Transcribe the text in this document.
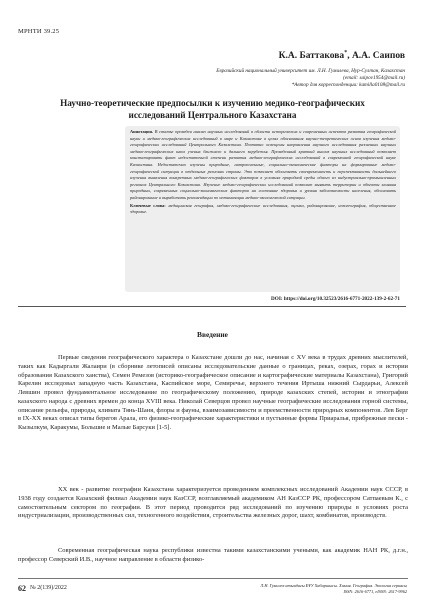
МРНТИ 39.25
К.А. Баттакова*, А.А. Саипов
Евразийский национальный университет им. Л.Н. Гумилева, Нур-Султан, Казахстан
(email: saipov1954@mail.ru)
*Автор для корреспонденции: kamilla0108@mail.ru
Научно-теоретические предпосылки к изучению медико-географических
исследований Центрального Казахстана
Аннотация. В статье проведен анализ научных исследований в области исторических и современных аспектов развития географической науки и медико-географических исследований в мире и Казахстане в целях обоснования научно-теоретических основ изучения медико-географических исследований Центрального Казахстана. Поэтапно освещены направления научного исследования различных научных медико-географических школ ученых ближнего и дальнего зарубежья. Проведенный краткий анализ научных исследований позволяет констатировать факт недостаточной степени развития медико-географических исследований в современной географической науке Казахстана. Недостаточно изучены природные, антропогенные, социально-экономические факторы на формирование медико-географической ситуации в отдельных регионах страны. Это позволяет обосновать своевременность и перспективность дальнейшего изучения выявления конкретных медико-географических факторов в условиях природной среды одного из индустриально-промышленных регионов Центрального Казахстана. Изучение медико-географических исследований позволит выявить территории и объекты влияния природных, современных социально-экономических факторов на состояние здоровья и уровня заболеваемости населения, обосновать районирование и выработать рекомендации по оптимизации медико-экологической ситуации.
Ключевые слова: медицинская география, медико-географические исследования, оценка, районирование, нозогеография, общественное здоровье.
DOI: https://doi.org/10.32523/2616-6771-2022-139-2-62-71
Введение
Первые сведения географического характера о Казахстане дошли до нас, начиная с XV века в трудах древних мыслителей, таких как Кадыргали Жалаири (в сборнике летописей описаны исследовательские данные о границах, реках, озерах, горах и истории образования Казахского ханства), Семен Ремезов (историко-географическое описание и картографические материалы Казахстана), Григорий Карелин исследовал западную часть Казахстана, Каспийское море, Семиречье, верхнего течения Иртыша нижний Сырдарьи, Алексей Левшин провел фундаментальное исследование по географическому положению, природе казахских степей, истории и этнографии казахского народа с древних времен до конца XVIII века. Николай Северцов провел научные географические исследования горной системы, описание рельефа, природы, климата Тянь-Шаня, флоры и фауны, взаимозависимости и преемственности природных компонентов. Лев Берг в IX-XX веках описал типы берегов Арала, его физико-географические характеристики и пустынные формы Приаралья, прибрежные пески - Кызылкум, Каракумы, Большие и Малые Барсуки [1-5].
XX век - развитие географии Казахстана характеризуется проведением комплексных исследований Академии наук СССР, в 1938 году создается Казахский филиал Академии наук КазССР, возглавляемый академиком АН КазССР РК, профессором Сатпаевым К., с самостоятельным сектором по географии. В этот период проводится ряд исследований по изучению природы в условиях роста индустриализации, производственных сил, техногенного воздействия, строительства железных дорог, шахт, комбинатов, производств.
Современная географическая наука республики известна такими казахстанскими учеными, как академик НАН РК, д.г.н., профессор Северский И.В., научное направление в области физико-
62 № 2(139)/2022	Л.Н. Гумилев атындағы ЕҰУ Хабаршысы. Химия. География. Экология сериясы
ISSN: 2616-6771, eISSN: 2617-9962
